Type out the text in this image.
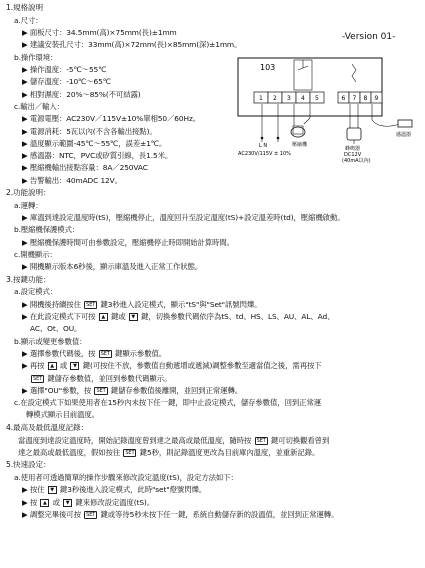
-Version 01-
103
1 2 3 4 5	6 7 8 9
L N
AC230V/115V ± 10%
壓縮機
蜂鳴器
DC12V
(40mA以內)
感溫器
1.規格說明
a.尺寸：
▶ 面板尺寸：34.5mm(高)×75mm(長)±1mm
▶ 建議安裝孔尺寸：33mm(高)×72mm(長)×85mm(深)±1mm。
b.操作環境：
▶ 操作溫度：-5℃～55℃
▶ 儲存溫度：-10℃～65℃
▶ 相對濕度：20%～85%(不可結露)
c.輸出／輸入：
▶ 電源電壓：AC230V／115V±10%單相50／60Hz。
▶ 電源消耗：5瓦以內(不含各輸出接點)。
▶ 溫度顯示範圍-45℃～55℃，誤差±1℃。
▶ 感溫器：NTC，PVC或矽質引線，長1.5米。
▶ 壓縮機輸出接點容量：8A／250VAC
▶ 告警輸出：40mADC 12V。
2.功能說明：
a.運轉：
▶ 庫溫到達設定溫度時(tS)，壓縮機停止，溫度回升至設定溫度(tS)+設定溫差時(td)，壓縮機啟動。
b.壓縮機保護模式：
▶ 壓縮機保護時間可由參數設定，壓縮機停止時即開始計算時間。
c.開機顯示：
▶ 開機顯示版本6秒後，顯示庫溫及進入正常工作狀態。
3.按鍵功能：
a.設定模式：
▶ 開機後持續按住 SET 鍵3秒進入設定模式，顯示"tS"與"Set"訊號閃爍。
▶ 在此設定模式下可按 ▲ 鍵或 ▼ 鍵，切換參數代碼依序為tS、td、HS、LS、AU、AL、Ad、
AC、Ot、OU。
b.顯示或變更參數值：
▶ 選擇參數代碼後，按 SET 鍵顯示參數值。
▶ 再按 ▲ 或 ▼ 鍵(可按住不放，參數值自動遞增或遞減)調整參數至適當值之後，需再按下
SET 鍵儲存參數值，並回到參數代碼顯示。
▶ 選擇"OU"參數，按 SET 鍵儲存參數值後離開，並回到正常運轉。
c.在設定模式下如果使用者在15秒內未按下任一鍵，即中止設定模式，儲存參數值，回到正常運
轉模式顯示目前溫度。
4.最高及最低溫度記錄：
當溫度到達設定溫度時，開始記錄溫度曾到達之最高或最低溫度，隨時按 SET 鍵可切換觀看曾到
達之最高或最低溫度，假如按住 SET 鍵5秒，則記錄溫度更改為目前庫內溫度，並重新記錄。
5.快速設定：
a.使用者可透過簡單的操作步驟來修改設定溫度(tS)，設定方法如下：
▶ 按住 ▼ 鍵3秒後進入設定模式，此時"set"燈號閃爍。
▶ 按 ▲ 或 ▼ 鍵來修改設定溫度(tS)。
▶ 調整完畢後可按 SET 鍵或等待5秒未按下任一鍵，系統自動儲存新的設溫值，並回到正常運轉。
